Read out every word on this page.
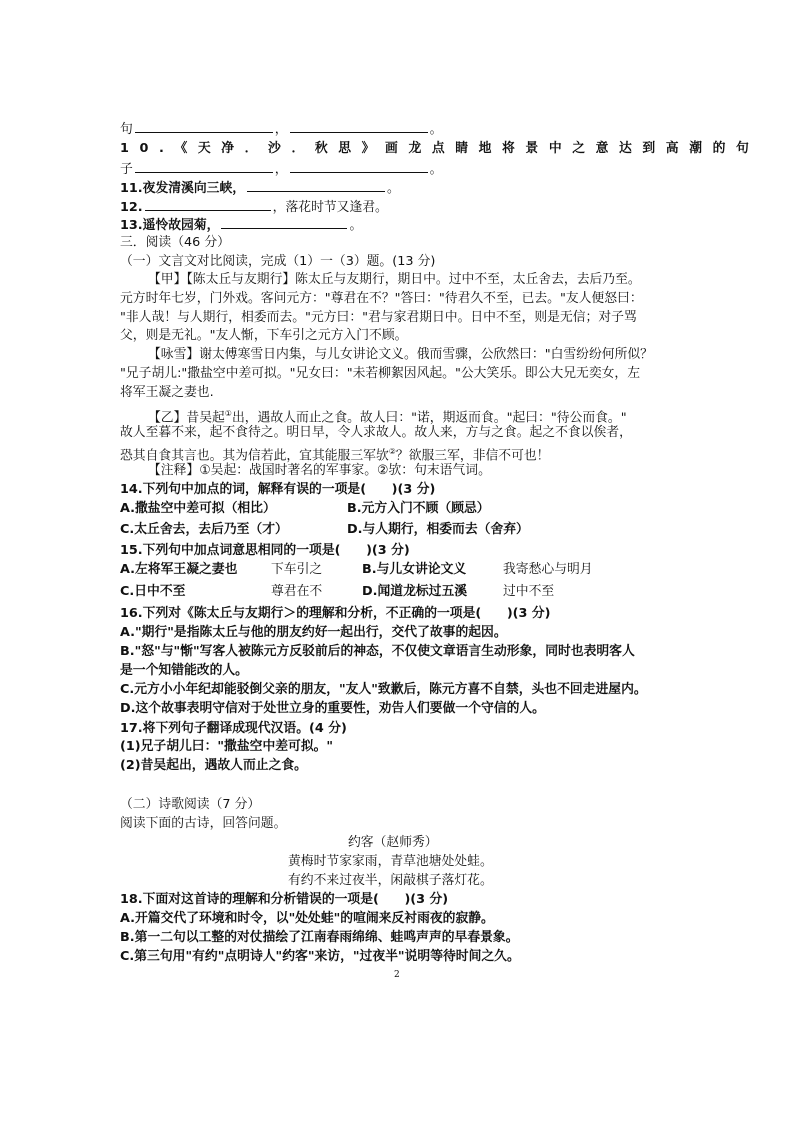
句	，	。
10.《天净．沙．秋思》画龙点睛地将景中之意达到高潮的句
子	，	。
11.夜发清溪向三峡，	。
12.	，落花时节又逢君。
13.遥怜故园菊，	。
三．阅读（46 分）
（一）文言文对比阅读，完成（1）一（3）题。(13 分)
【甲】【陈太丘与友期行】陈太丘与友期行，期日中。过中不至，太丘舍去，去后乃至。
元方时年七岁，门外戏。客问元方："尊君在不？"答曰："待君久不至，已去。"友人便怒曰：
"非人哉！与人期行，相委而去。"元方曰："君与家君期日中。日中不至，则是无信；对子骂
父，则是无礼。"友人惭，下车引之元方入门不顾。
【咏雪】谢太傅寒雪日内集，与儿女讲论文义。俄而雪骤，公欣然曰："白雪纷纷何所似？
"兄子胡儿:"撒盐空中差可拟。"兄女曰："未若柳絮因风起。"公大笑乐。即公大兄无奕女，左
将军王凝之妻也.
【乙】昔吴起①出，遇故人而止之食。故人曰："诺，期返而食。"起曰："待公而食。"
故人至暮不来，起不食待之。明日早，令人求故人。故人来，方与之食。起之不食以俟者，
恐其自食其言也。其为信若此，宜其能服三军欤②？欲服三军，非信不可也！
【注释】①吴起：战国时著名的军事家。②欤：句末语气词。
14.下列句中加点的词，解释有误的一项是(　　)(3 分)
A.撒盐空中差可拟（相比）	B.元方入门不顾（顾忌）
C.太丘舍去，去后乃至（才）	D.与人期行，相委而去（舍弃）
15.下列句中加点词意思相同的一项是(　　)(3 分)
A.左将军王凝之妻也	下车引之	B.与儿女讲论文义	我寄愁心与明月
C.日中不至	尊君在不	D.闻道龙标过五溪	过中不至
16.下列对《陈太丘与友期行＞的理解和分析，不正确的一项是(　　)(3 分)
A."期行"是指陈太丘与他的朋友约好一起出行，交代了故事的起因。
B."怒"与"惭"写客人被陈元方反驳前后的神态，不仅使文章语言生动形象，同时也表明客人
是一个知错能改的人。
C.元方小小年纪却能驳倒父亲的朋友，"友人"致歉后，陈元方喜不自禁，头也不回走进屋内。
D.这个故事表明守信对于处世立身的重要性，劝告人们要做一个守信的人。
17.将下列句子翻译成现代汉语。(4 分)
(1)兄子胡儿曰："撒盐空中差可拟。"
(2)昔吴起出，遇故人而止之食。
（二）诗歌阅读（7 分）
阅读下面的古诗，回答问题。
约客（赵师秀）
黄梅时节家家雨，青草池塘处处蛙。
有约不来过夜半，闲敲棋子落灯花。
18.下面对这首诗的理解和分析错误的一项是(　　)(3 分)
A.开篇交代了环境和时令，以"处处蛙"的喧闹来反衬雨夜的寂静。
B.第一二句以工整的对仗描绘了江南春雨绵绵、蛙鸣声声的早春景象。
C.第三句用"有约"点明诗人"约客"来访，"过夜半"说明等待时间之久。
2
